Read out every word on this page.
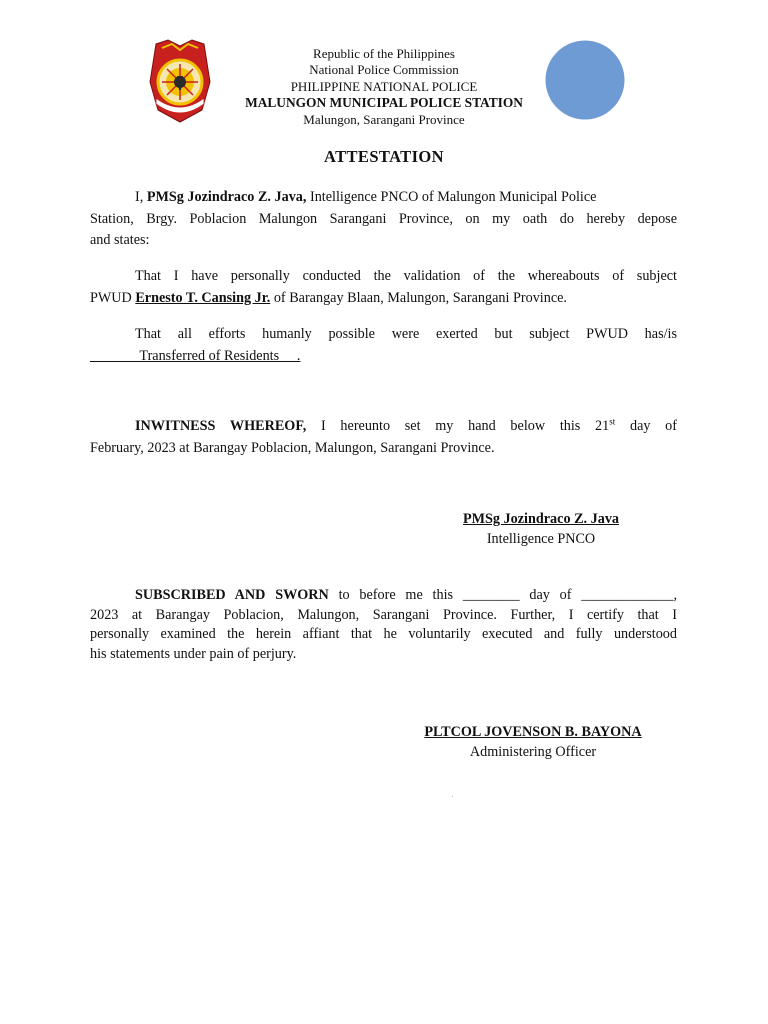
Republic of the Philippines
National Police Commission
PHILIPPINE NATIONAL POLICE
MALUNGON MUNICIPAL POLICE STATION
Malungon, Sarangani Province
ATTESTATION
I, PMSg Jozindraco Z. Java, Intelligence PNCO of Malungon Municipal Police
Station, Brgy. Poblacion Malungon Sarangani Province, on my oath do hereby depose
and states:
That I have personally conducted the validation of the whereabouts of subject
PWUD Ernesto T. Cansing Jr. of Barangay Blaan, Malungon, Sarangani Province.
That all efforts humanly possible were exerted but subject PWUD has/is
Transferred of Residents     .
INWITNESS WHEREOF, I hereunto set my hand below this 21st day of
February, 2023 at Barangay Poblacion, Malungon, Sarangani Province.
PMSg Jozindraco Z. Java
Intelligence PNCO
SUBSCRIBED AND SWORN to before me this ________ day of _____________,
2023 at Barangay Poblacion, Malungon, Sarangani Province. Further, I certify that I
personally examined the herein affiant that he voluntarily executed and fully understood
his statements under pain of perjury.
PLTCOL JOVENSON B. BAYONA
Administering Officer
